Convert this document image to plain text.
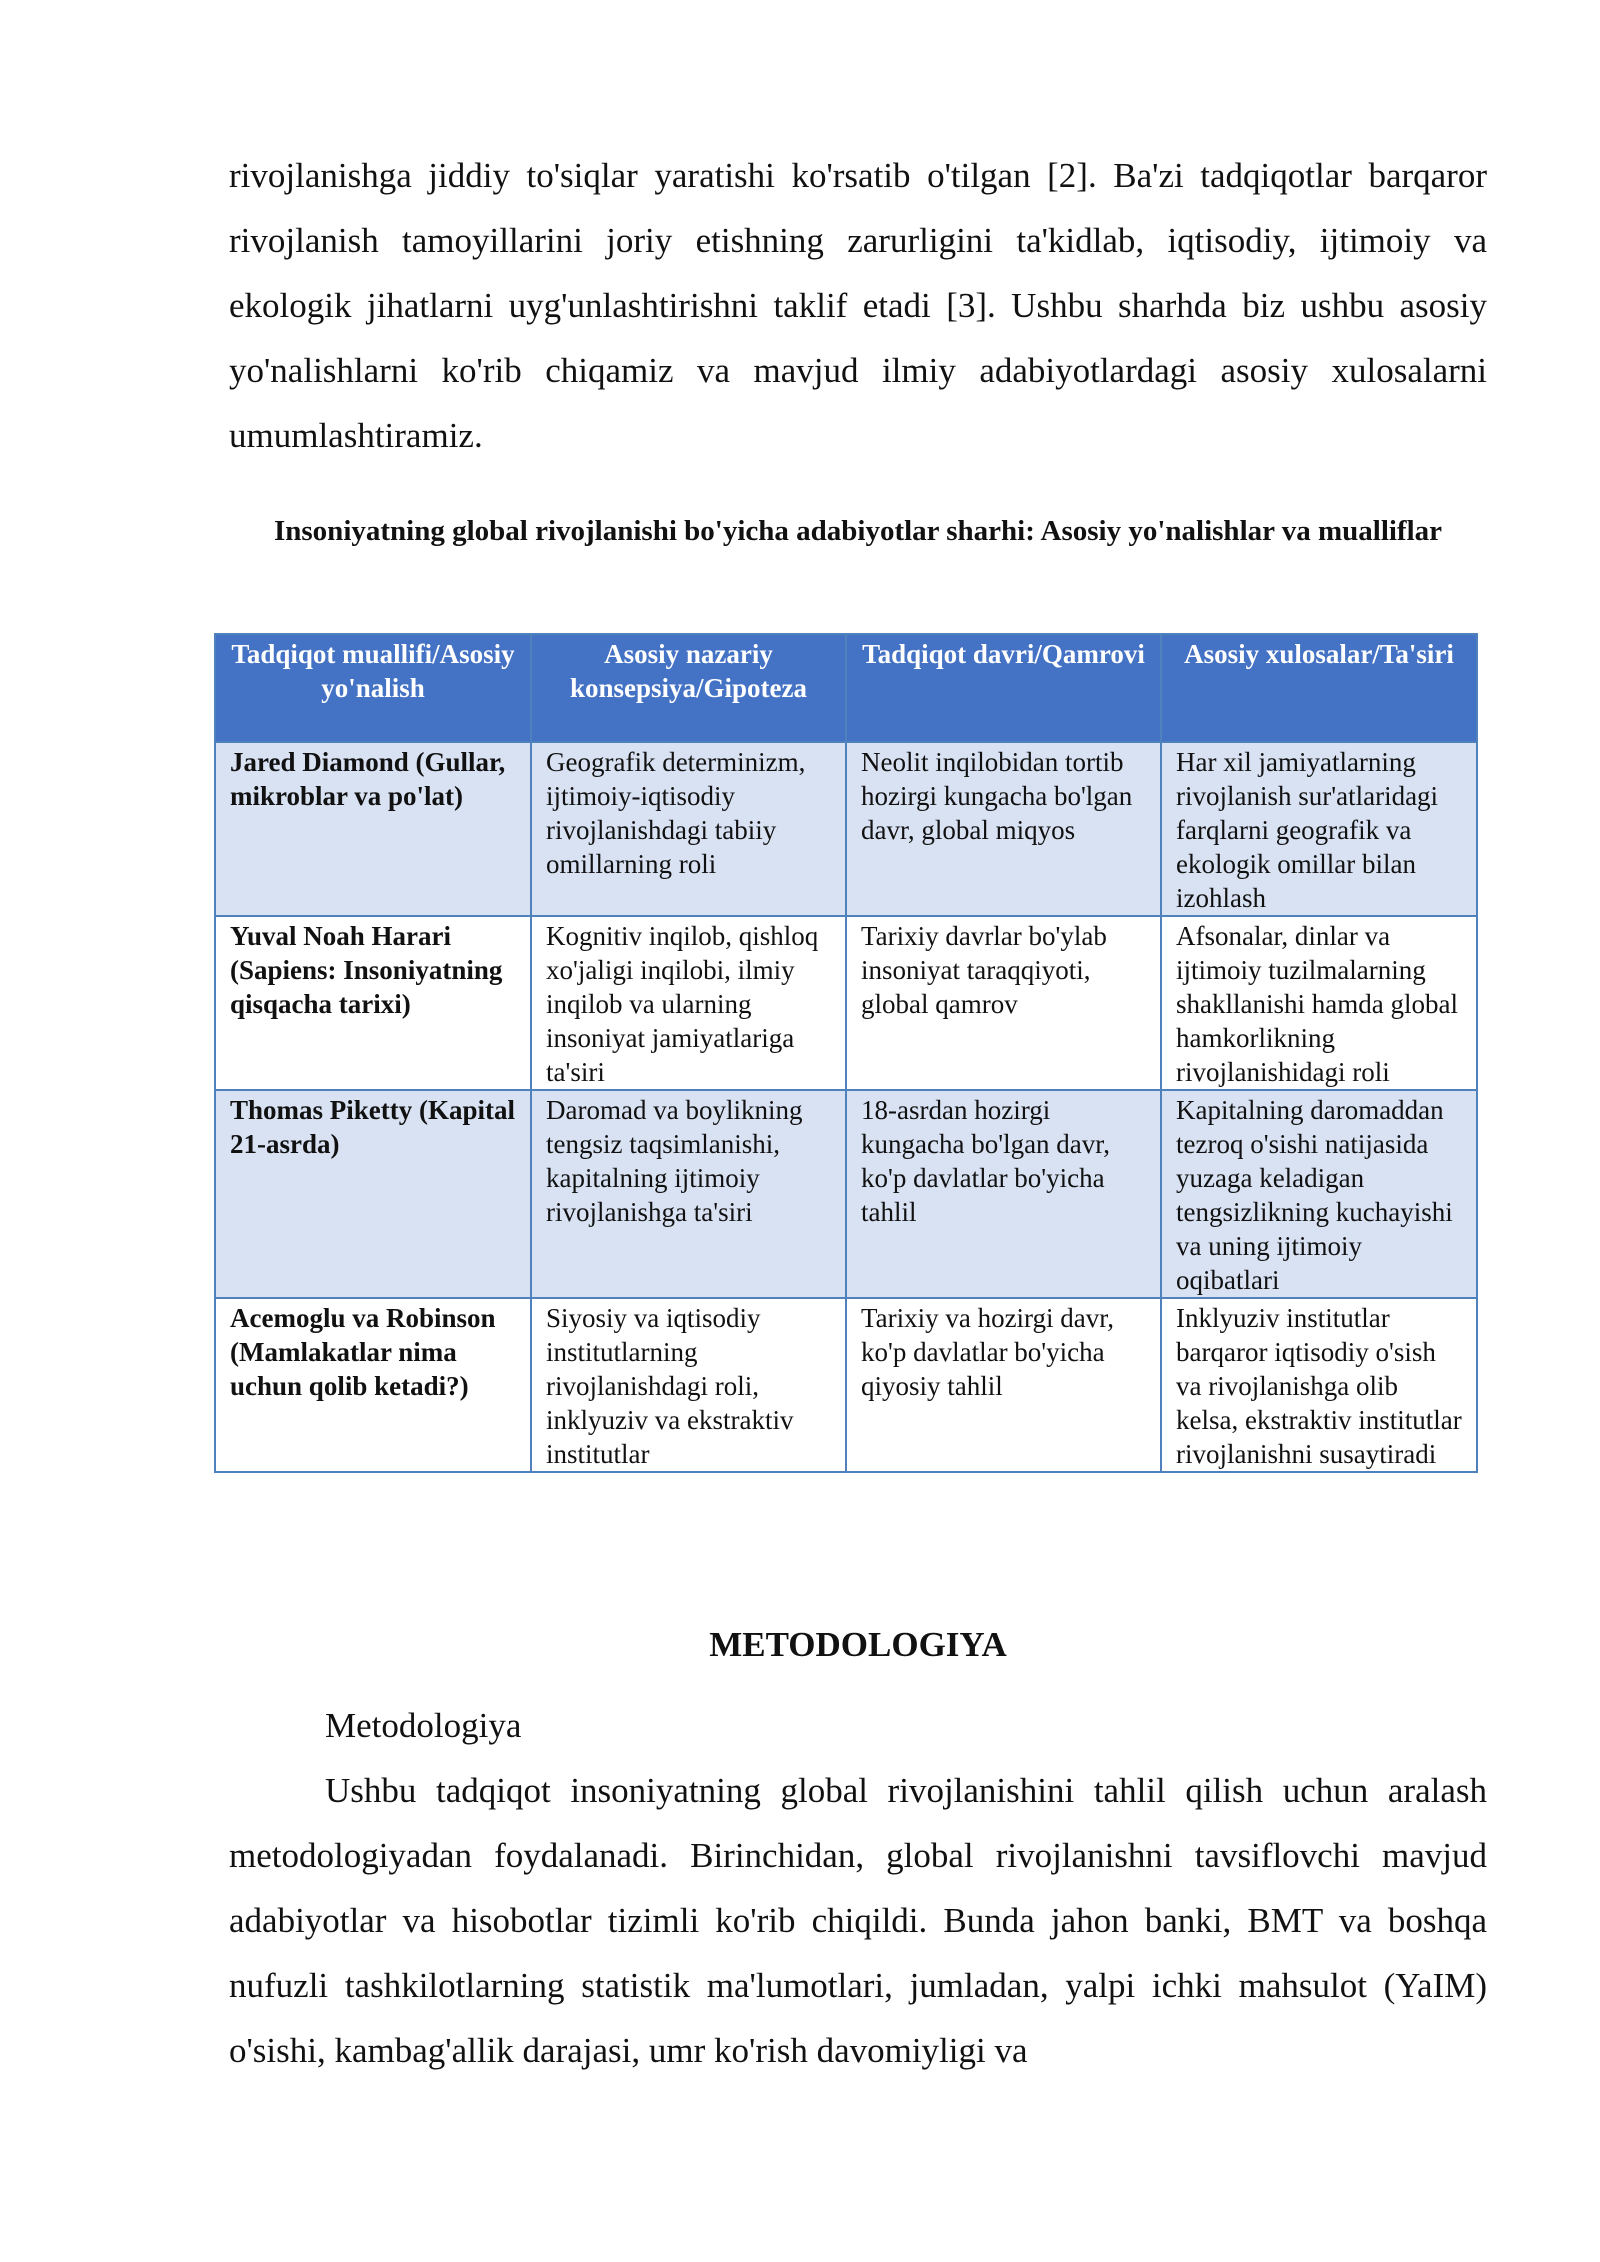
rivojlanishga jiddiy to'siqlar yaratishi ko'rsatib o'tilgan [2]. Ba'zi tadqiqotlar barqaror rivojlanish tamoyillarini joriy etishning zarurligini ta'kidlab, iqtisodiy, ijtimoiy va ekologik jihatlarni uyg'unlashtirishni taklif etadi [3]. Ushbu sharhda biz ushbu asosiy yo'nalishlarni ko'rib chiqamiz va mavjud ilmiy adabiyotlardagi asosiy xulosalarni umumlashtiramiz.

Insoniyatning global rivojlanishi bo'yicha adabiyotlar sharhi: Asosiy yo'nalishlar va mualliflar

Tadqiqot muallifi/Asosiy yo'nalish	Asosiy nazariy konsepsiya/Gipoteza	Tadqiqot davri/Qamrovi	Asosiy xulosalar/Ta'siri
Jared Diamond (Gullar, mikroblar va po'lat)	Geografik determinizm, ijtimoiy-iqtisodiy rivojlanishdagi tabiiy omillarning roli	Neolit inqilobidan tortib hozirgi kungacha bo'lgan davr, global miqyos	Har xil jamiyatlarning rivojlanish sur'atlaridagi farqlarni geografik va ekologik omillar bilan izohlash
Yuval Noah Harari (Sapiens: Insoniyatning qisqacha tarixi)	Kognitiv inqilob, qishloq xo'jaligi inqilobi, ilmiy inqilob va ularning insoniyat jamiyatlariga ta'siri	Tarixiy davrlar bo'ylab insoniyat taraqqiyoti, global qamrov	Afsonalar, dinlar va ijtimoiy tuzilmalarning shakllanishi hamda global hamkorlikning rivojlanishidagi roli
Thomas Piketty (Kapital 21-asrda)	Daromad va boylikning tengsiz taqsimlanishi, kapitalning ijtimoiy rivojlanishga ta'siri	18-asrdan hozirgi kungacha bo'lgan davr, ko'p davlatlar bo'yicha tahlil	Kapitalning daromaddan tezroq o'sishi natijasida yuzaga keladigan tengsizlikning kuchayishi va uning ijtimoiy oqibatlari
Acemoglu va Robinson (Mamlakatlar nima uchun qolib ketadi?)	Siyosiy va iqtisodiy institutlarning rivojlanishdagi roli, inklyuziv va ekstraktiv institutlar	Tarixiy va hozirgi davr, ko'p davlatlar bo'yicha qiyosiy tahlil	Inklyuziv institutlar barqaror iqtisodiy o'sish va rivojlanishga olib kelsa, ekstraktiv institutlar rivojlanishni susaytiradi
METODOLOGIYA

Metodologiya

Ushbu tadqiqot insoniyatning global rivojlanishini tahlil qilish uchun aralash metodologiyadan foydalanadi. Birinchidan, global rivojlanishni tavsiflovchi mavjud adabiyotlar va hisobotlar tizimli ko'rib chiqildi. Bunda jahon banki, BMT va boshqa nufuzli tashkilotlarning statistik ma'lumotlari, jumladan, yalpi ichki mahsulot (YaIM) o'sishi, kambag'allik darajasi, umr ko'rish davomiyligi va
